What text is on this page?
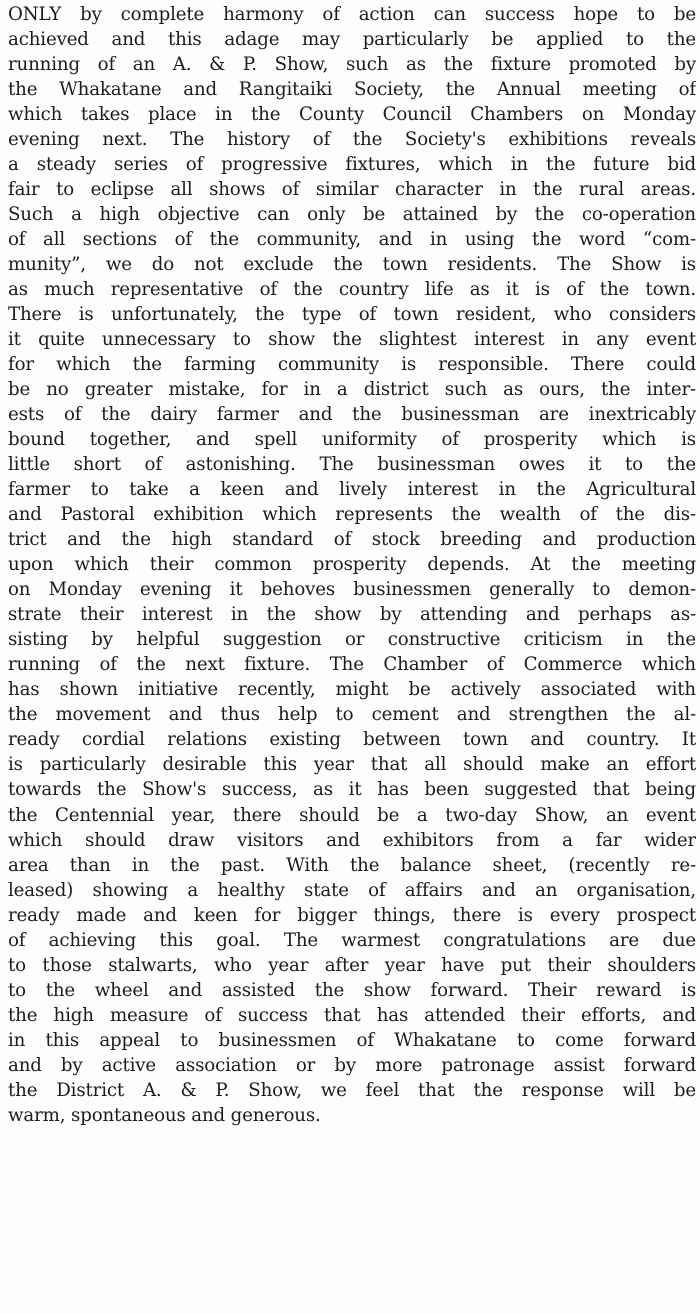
ONLY by complete harmony of action can success hope to be
achieved and this adage may particularly be applied to the
running of an A. & P. Show, such as the fixture promoted by
the Whakatane and Rangitaiki Society, the Annual meeting of
which takes place in the County Council Chambers on Monday
evening next. The history of the Society's exhibitions reveals
a steady series of progressive fixtures, which in the future bid
fair to eclipse all shows of similar character in the rural areas.
Such a high objective can only be attained by the co-operation
of all sections of the community, and in using the word “com-
munity”, we do not exclude the town residents. The Show is
as much representative of the country life as it is of the town.
There is unfortunately, the type of town resident, who considers
it quite unnecessary to show the slightest interest in any event
for which the farming community is responsible. There could
be no greater mistake, for in a district such as ours, the inter-
ests of the dairy farmer and the businessman are inextricably
bound together, and spell uniformity of prosperity which is
little short of astonishing. The businessman owes it to the
farmer to take a keen and lively interest in the Agricultural
and Pastoral exhibition which represents the wealth of the dis-
trict and the high standard of stock breeding and production
upon which their common prosperity depends. At the meeting
on Monday evening it behoves businessmen generally to demon-
strate their interest in the show by attending and perhaps as-
sisting by helpful suggestion or constructive criticism in the
running of the next fixture. The Chamber of Commerce which
has shown initiative recently, might be actively associated with
the movement and thus help to cement and strengthen the al-
ready cordial relations existing between town and country. It
is particularly desirable this year that all should make an effort
towards the Show's success, as it has been suggested that being
the Centennial year, there should be a two-day Show, an event
which should draw visitors and exhibitors from a far wider
area than in the past. With the balance sheet, (recently re-
leased) showing a healthy state of affairs and an organisation,
ready made and keen for bigger things, there is every prospect
of achieving this goal. The warmest congratulations are due
to those stalwarts, who year after year have put their shoulders
to the wheel and assisted the show forward. Their reward is
the high measure of success that has attended their efforts, and
in this appeal to businessmen of Whakatane to come forward
and by active association or by more patronage assist forward
the District A. & P. Show, we feel that the response will be
warm, spontaneous and generous.
